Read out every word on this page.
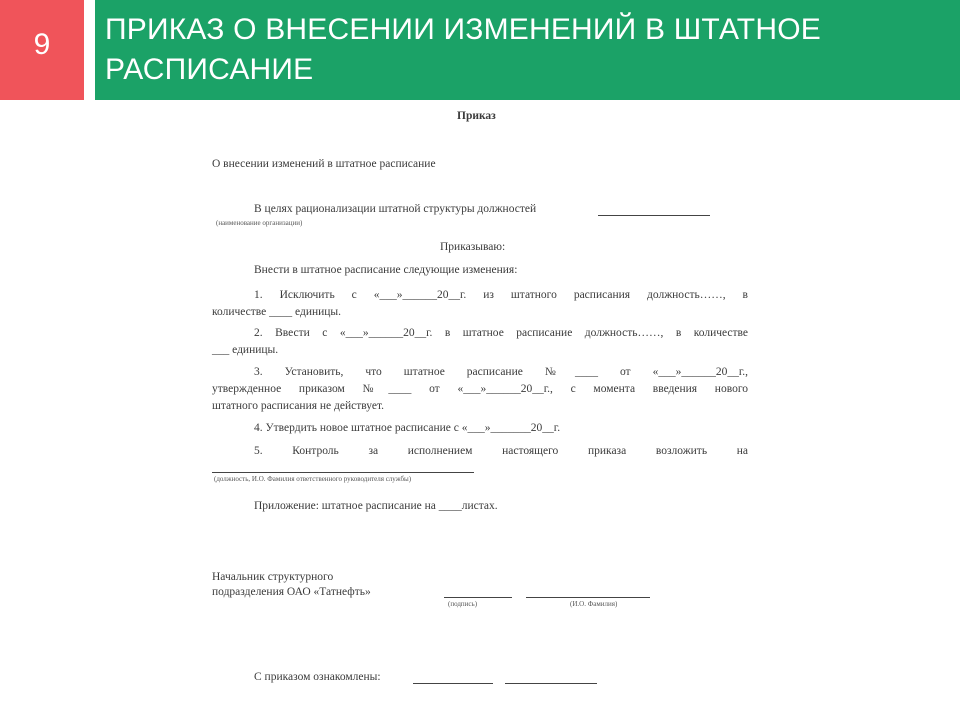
9	ПРИКАЗ О ВНЕСЕНИИ ИЗМЕНЕНИЙ В ШТАТНОЕ РАСПИСАНИЕ
Приказ
О внесении изменений в штатное расписание
В целях рационализации штатной структуры должностей
(наименование организации)
Приказываю:
Внести в штатное расписание следующие изменения:
1. Исключить с «___»______20__г. из штатного расписания должность……, в
количестве ____ единицы.
2. Ввести с «___»______20__г. в штатное расписание должность……, в количестве
___ единицы.
3. Установить, что штатное расписание №____ от «___»______20__г.,
утвержденное приказом №____ от «___»______20__г., с момента введения нового
штатного расписания не действует.
4. Утвердить новое штатное расписание с «___»_______20__г.
5. Контроль за исполнением настоящего приказа возложить на
(должность, И.О. Фамилия ответственного руководителя службы)
Приложение: штатное расписание на ____листах.
Начальник структурного
подразделения ОАО «Татнефть»
(подпись)	(И.О. Фамилия)
С приказом ознакомлены:
